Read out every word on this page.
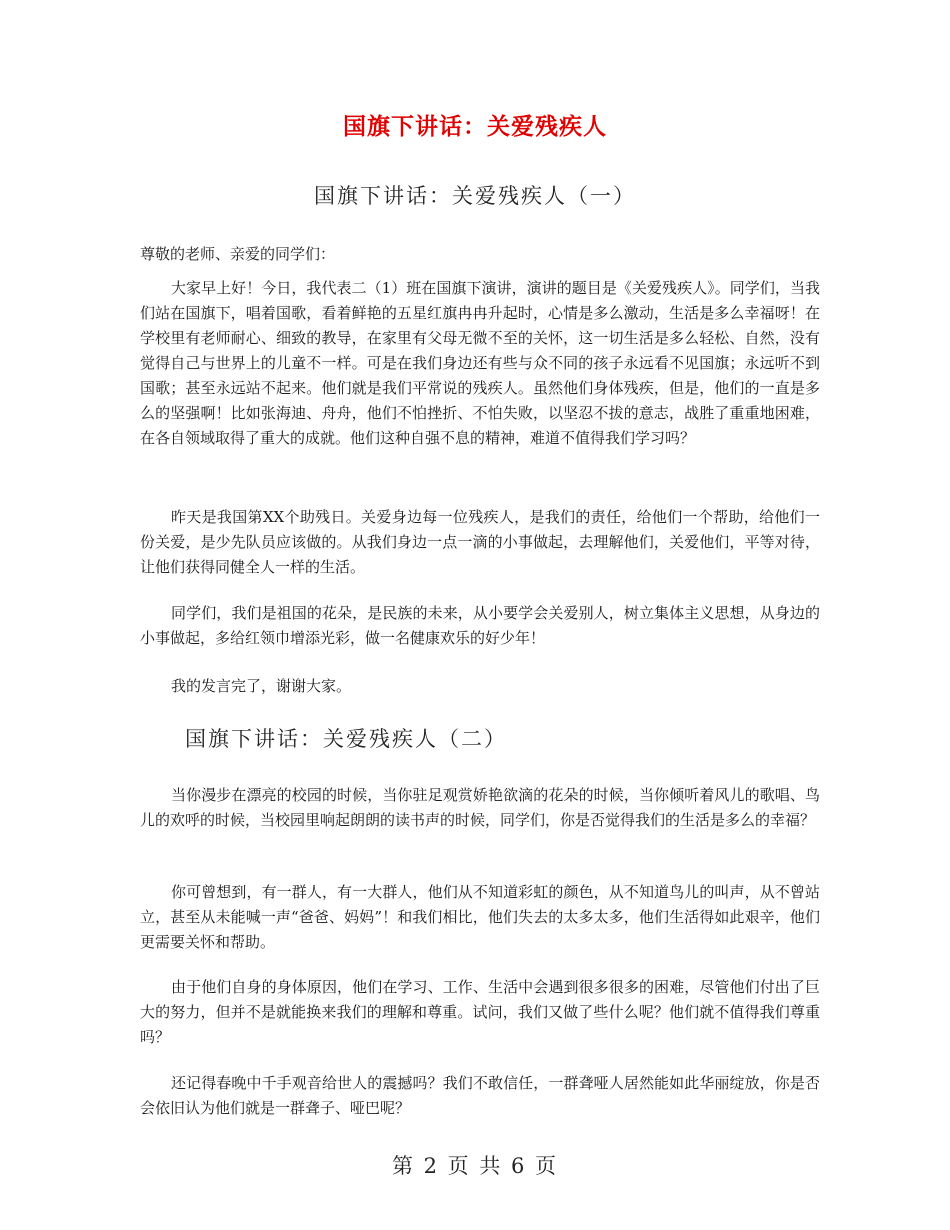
国旗下讲话：关爱残疾人
国旗下讲话：关爱残疾人（一）
尊敬的老师、亲爱的同学们：

大家早上好！今日，我代表二（1）班在国旗下演讲，演讲的题目是《关爱残疾人》。同学们，当我们站在国旗下，唱着国歌，看着鲜艳的五星红旗冉冉升起时，心情是多么激动，生活是多么幸福呀！在学校里有老师耐心、细致的教导，在家里有父母无微不至的关怀，这一切生活是多么轻松、自然，没有觉得自己与世界上的儿童不一样。可是在我们身边还有些与众不同的孩子永远看不见国旗；永远听不到国歌；甚至永远站不起来。他们就是我们平常说的残疾人。虽然他们身体残疾，但是，他们的一直是多么的坚强啊！比如张海迪、舟舟，他们不怕挫折、不怕失败，以坚忍不拔的意志，战胜了重重地困难，在各自领域取得了重大的成就。他们这种自强不息的精神，难道不值得我们学习吗？

昨天是我国第XX个助残日。关爱身边每一位残疾人，是我们的责任，给他们一个帮助，给他们一份关爱，是少先队员应该做的。从我们身边一点一滴的小事做起，去理解他们，关爱他们，平等对待，让他们获得同健全人一样的生活。

同学们，我们是祖国的花朵，是民族的未来，从小要学会关爱别人，树立集体主义思想，从身边的小事做起，多给红领巾增添光彩，做一名健康欢乐的好少年！

我的发言完了，谢谢大家。

国旗下讲话：关爱残疾人（二）

当你漫步在漂亮的校园的时候，当你驻足观赏娇艳欲滴的花朵的时候，当你倾听着风儿的歌唱、鸟儿的欢呼的时候，当校园里响起朗朗的读书声的时候，同学们，你是否觉得我们的生活是多么的幸福？

你可曾想到，有一群人，有一大群人，他们从不知道彩虹的颜色，从不知道鸟儿的叫声，从不曾站立，甚至从未能喊一声“爸爸、妈妈”！和我们相比，他们失去的太多太多，他们生活得如此艰辛，他们更需要关怀和帮助。

由于他们自身的身体原因，他们在学习、工作、生活中会遇到很多很多的困难，尽管他们付出了巨大的努力，但并不是就能换来我们的理解和尊重。试问，我们又做了些什么呢？他们就不值得我们尊重吗？

还记得春晚中千手观音给世人的震撼吗？我们不敢信任，一群聋哑人居然能如此华丽绽放，你是否会依旧认为他们就是一群聋子、哑巴呢？

第 2 页 共 6 页
